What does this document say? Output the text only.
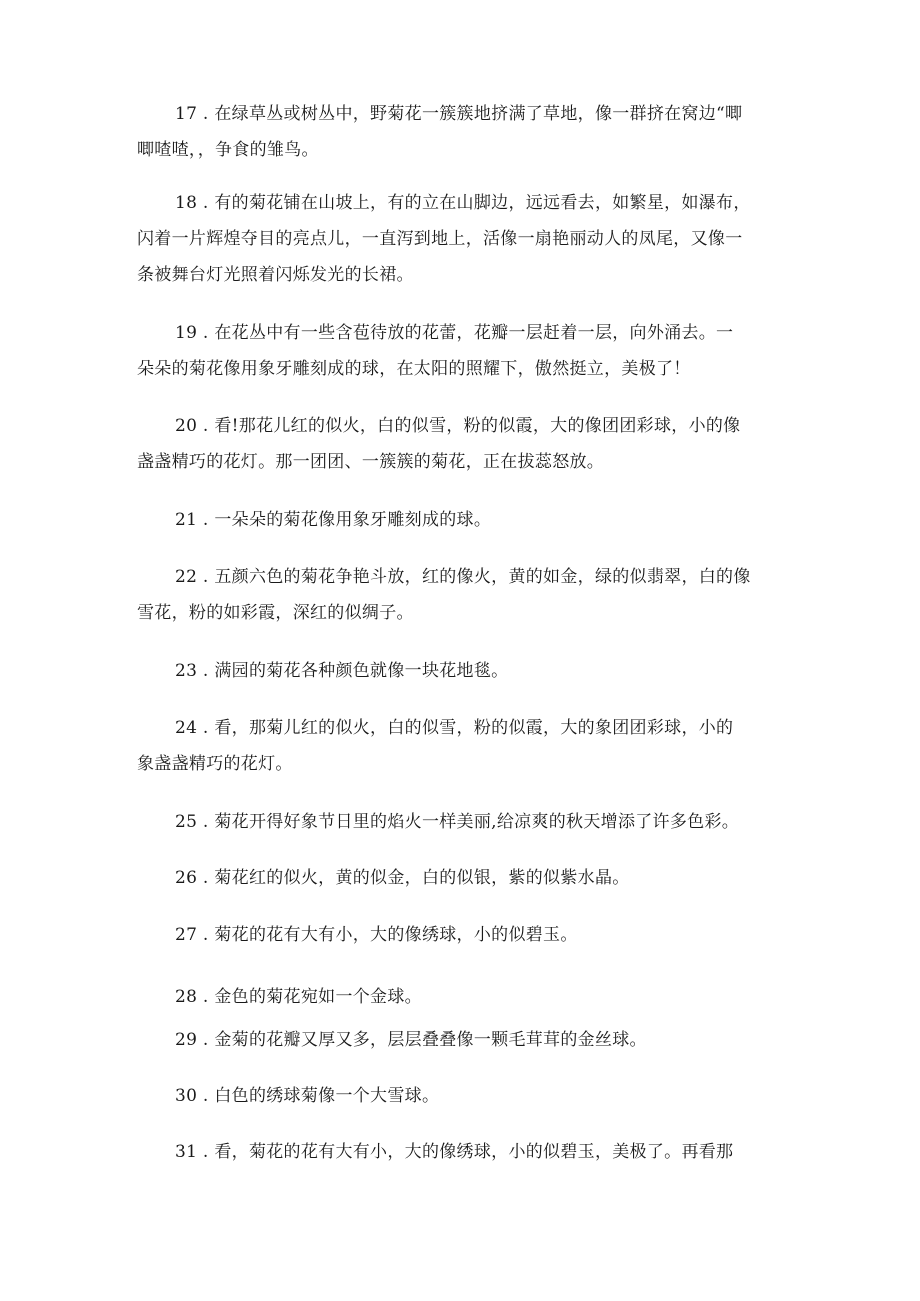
17 . 在绿草丛或树丛中，野菊花一簇簇地挤满了草地，像一群挤在窝边“唧
唧喳喳，，争食的雏鸟。
18 . 有的菊花铺在山坡上，有的立在山脚边，远远看去，如繁星，如瀑布，
闪着一片辉煌夺目的亮点儿，一直泻到地上，活像一扇艳丽动人的凤尾，又像一
条被舞台灯光照着闪烁发光的长裙。
19 . 在花丛中有一些含苞待放的花蕾，花瓣一层赶着一层，向外涌去。一
朵朵的菊花像用象牙雕刻成的球，在太阳的照耀下，傲然挺立，美极了！
20 . 看!那花儿红的似火，白的似雪，粉的似霞，大的像团团彩球，小的像
盏盏精巧的花灯。那一团团、一簇簇的菊花，正在拔蕊怒放。
21 . 一朵朵的菊花像用象牙雕刻成的球。
22 . 五颜六色的菊花争艳斗放，红的像火，黄的如金，绿的似翡翠，白的像
雪花，粉的如彩霞，深红的似绸子。
23 . 满园的菊花各种颜色就像一块花地毯。
24 . 看，那菊儿红的似火，白的似雪，粉的似霞，大的象团团彩球，小的
象盏盏精巧的花灯。
25 . 菊花开得好象节日里的焰火一样美丽,给凉爽的秋天增添了许多色彩。
26 . 菊花红的似火，黄的似金，白的似银，紫的似紫水晶。
27 . 菊花的花有大有小，大的像绣球，小的似碧玉。
28 . 金色的菊花宛如一个金球。
29 . 金菊的花瓣又厚又多，层层叠叠像一颗毛茸茸的金丝球。
30 . 白色的绣球菊像一个大雪球。
31 . 看，菊花的花有大有小，大的像绣球，小的似碧玉，美极了。再看那
